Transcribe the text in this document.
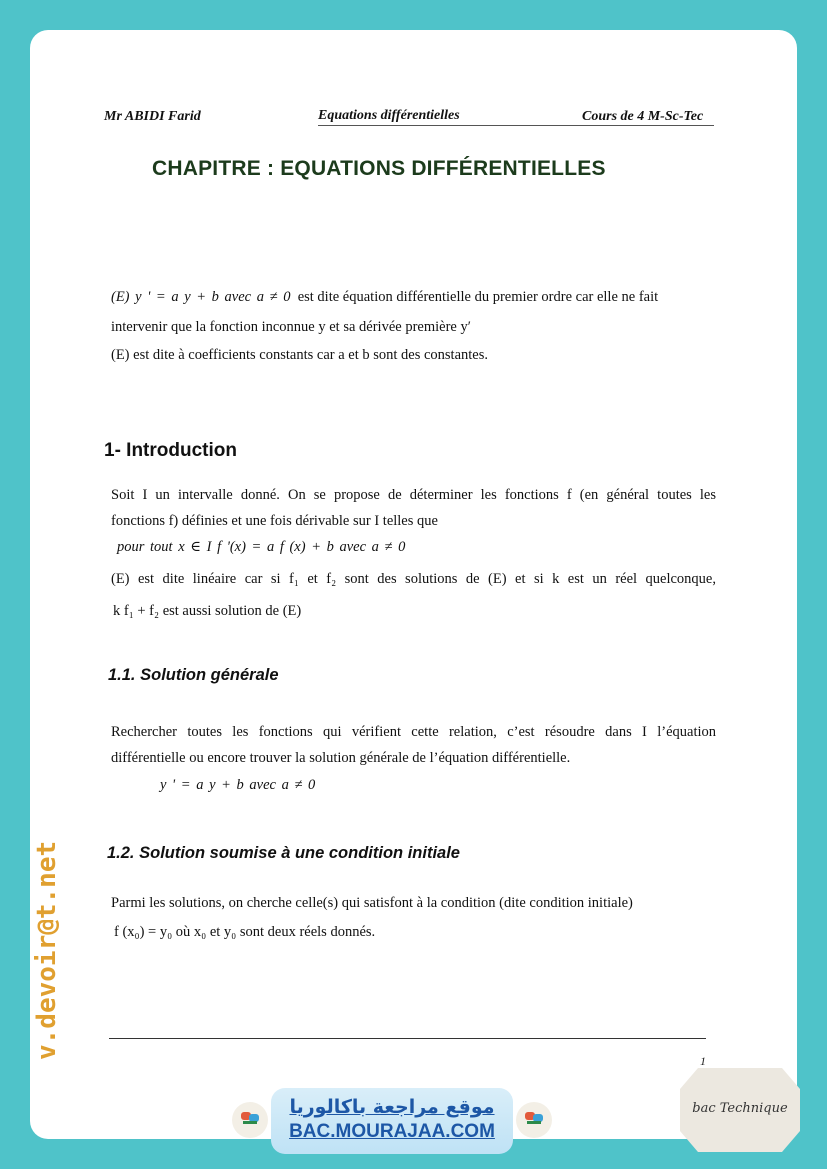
Mr ABIDI Farid	Equations différentielles	Cours de 4 M-Sc-Tec
CHAPITRE : EQUATIONS DIFFÉRENTIELLES
(E) y ' = a y + b avec a ≠ 0 est dite équation différentielle du premier ordre car elle ne fait
intervenir que la fonction inconnue y et sa dérivée première y′
(E) est dite à coefficients constants car a et b sont des constantes.
1- Introduction
Soit I un intervalle donné. On se propose de déterminer les fonctions f (en général toutes les
fonctions f) définies et une fois dérivable sur I telles que
pour tout x ∈ I f '(x) = a f (x) + b avec a ≠ 0
(E) est dite linéaire car si f₁ et f₂ sont des solutions de (E) et si k est un réel quelconque,
k f₁ + f₂ est aussi solution de (E)
1.1. Solution générale
Rechercher toutes les fonctions qui vérifient cette relation, c’est résoudre dans I l’équation
différentielle ou encore trouver la solution générale de l’équation différentielle.
y ' = a y + b avec a ≠ 0
1.2. Solution soumise à une condition initiale
Parmi les solutions, on cherche celle(s) qui satisfont à la condition (dite condition initiale)
f (x₀) = y₀ où x₀ et y₀ sont deux réels donnés.
1
v.devoir@t.net
موقع مراجعة باكالوريا
BAC.MOURAJAA.COM
bac Technique
